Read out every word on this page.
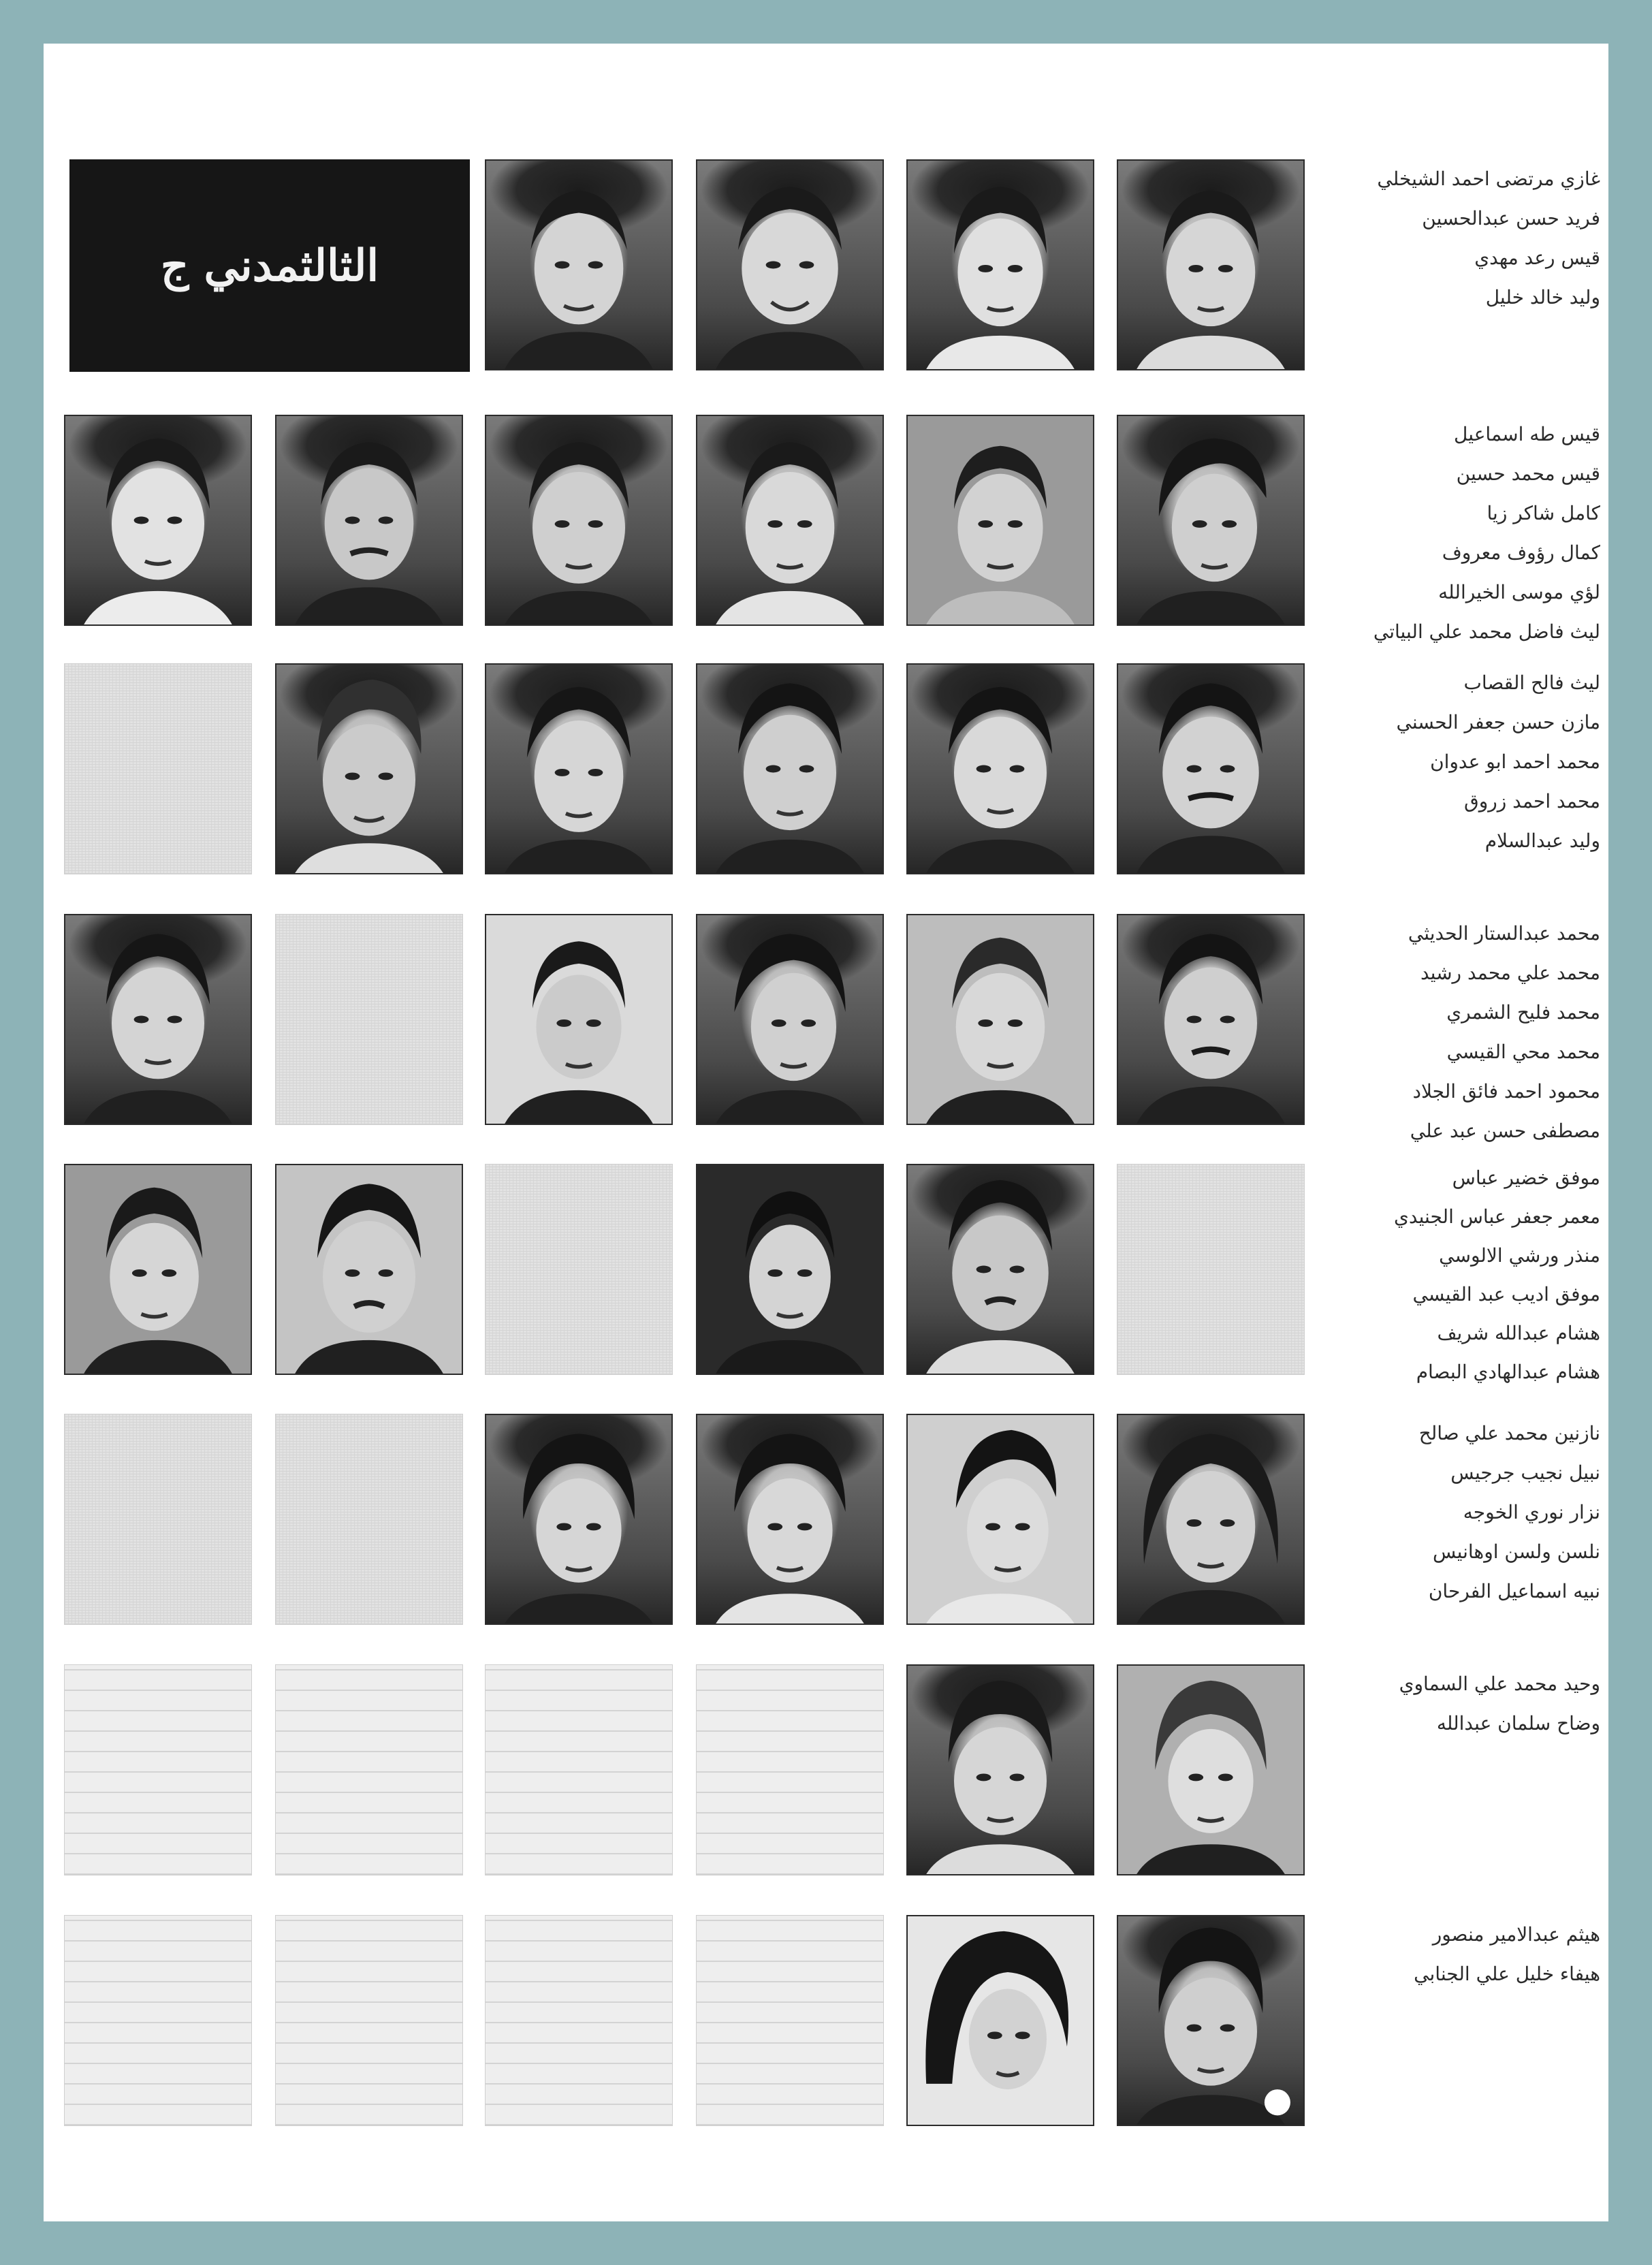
الثالثمدني ج
غازي مرتضى احمد الشيخلي
فريد حسن عبدالحسين
قيس رعد مهدي
وليد خالد خليل
قيس طه اسماعيل
قيس محمد حسين
كامل شاكر زيا
كمال رؤوف معروف
لؤي موسى الخيرالله
ليث فاضل محمد علي البياتي
ليث فالح القصاب
مازن حسن جعفر الحسني
محمد احمد ابو عدوان
محمد احمد زروق
وليد عبدالسلام
محمد عبدالستار الحديثي
محمد علي محمد رشيد
محمد فليح الشمري
محمد محي القيسي
محمود احمد فائق الجلاد
مصطفى حسن عبد علي
موفق خضير عباس
معمر جعفر عباس الجنيدي
منذر ورشي الالوسي
موفق اديب عبد القيسي
هشام عبدالله شريف
هشام عبدالهادي البصام
نازنين محمد علي صالح
نبيل نجيب جرجيس
نزار نوري الخوجه
نلسن ولسن اوهانيس
نبيه اسماعيل الفرحان
وحيد محمد علي السماوي
وضاح سلمان عبدالله
هيثم عبدالامير منصور
هيفاء خليل علي الجنابي
